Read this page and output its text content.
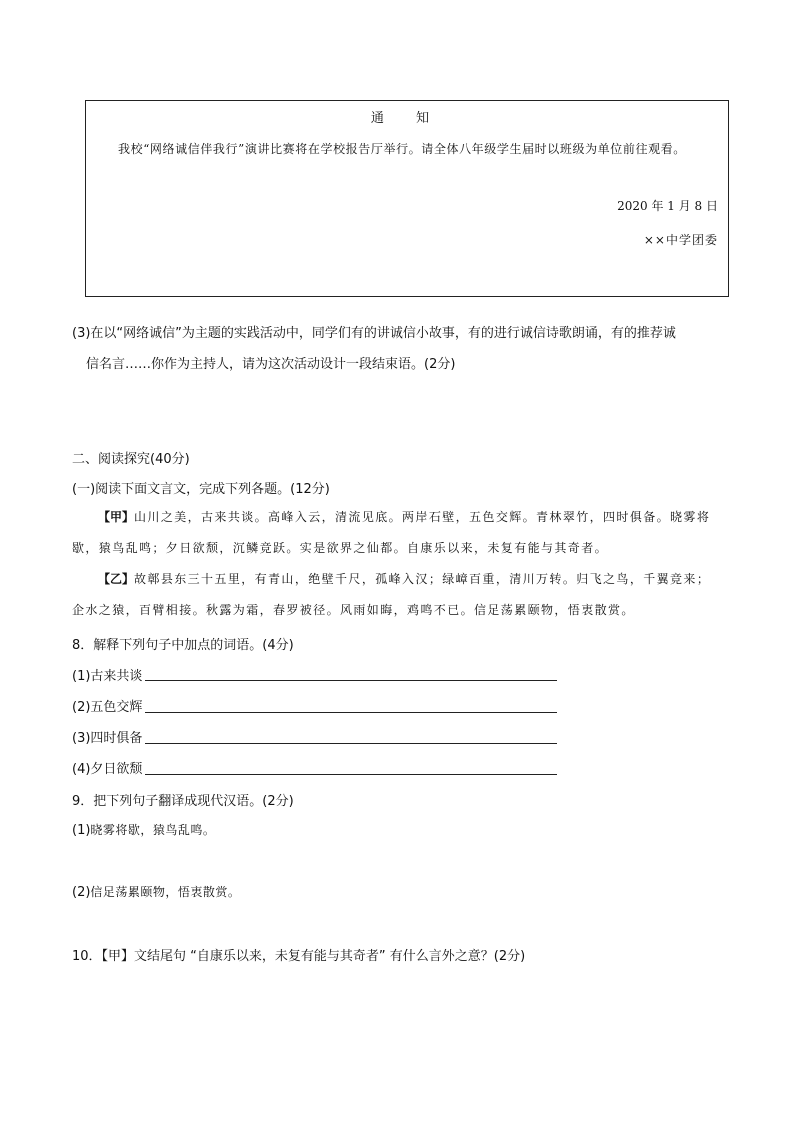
通 知
我校“网络诚信伴我行”演讲比赛将在学校报告厅举行。请全体八年级学生届时以班级为单位前往观看。
2020 年 1 月 8 日
××中学团委
(3)在以“网络诚信”为主题的实践活动中，同学们有的讲诚信小故事，有的进行诚信诗歌朗诵，有的推荐诚
信名言……你作为主持人，请为这次活动设计一段结束语。(2分)
二、阅读探究(40分)
(一)阅读下面文言文，完成下列各题。(12分)
【甲】山川之美，古来共谈。高峰入云，清流见底。两岸石壁，五色交辉。青林翠竹，四时俱备。晓雾将歇，猿鸟乱鸣；夕日欲颓，沉鳞竞跃。实是欲界之仙都。自康乐以来，未复有能与其奇者。
【乙】故鄣县东三十五里，有青山，绝壁千尺，孤峰入汉；绿嶂百重，清川万转。归飞之鸟，千翼竞来；企水之猿，百臂相接。秋露为霜，春罗被径。风雨如晦，鸡鸣不已。信足荡累颐物，悟衷散赏。
8．解释下列句子中加点的词语。(4分)
(1)古来共谈
(2)五色交辉
(3)四时俱备
(4)夕日欲颓
9．把下列句子翻译成现代汉语。(2分)
(1)晓雾将歇，猿鸟乱鸣。
(2)信足荡累颐物，悟衷散赏。
10．【甲】文结尾句 “自康乐以来，未复有能与其奇者” 有什么言外之意？(2分)
